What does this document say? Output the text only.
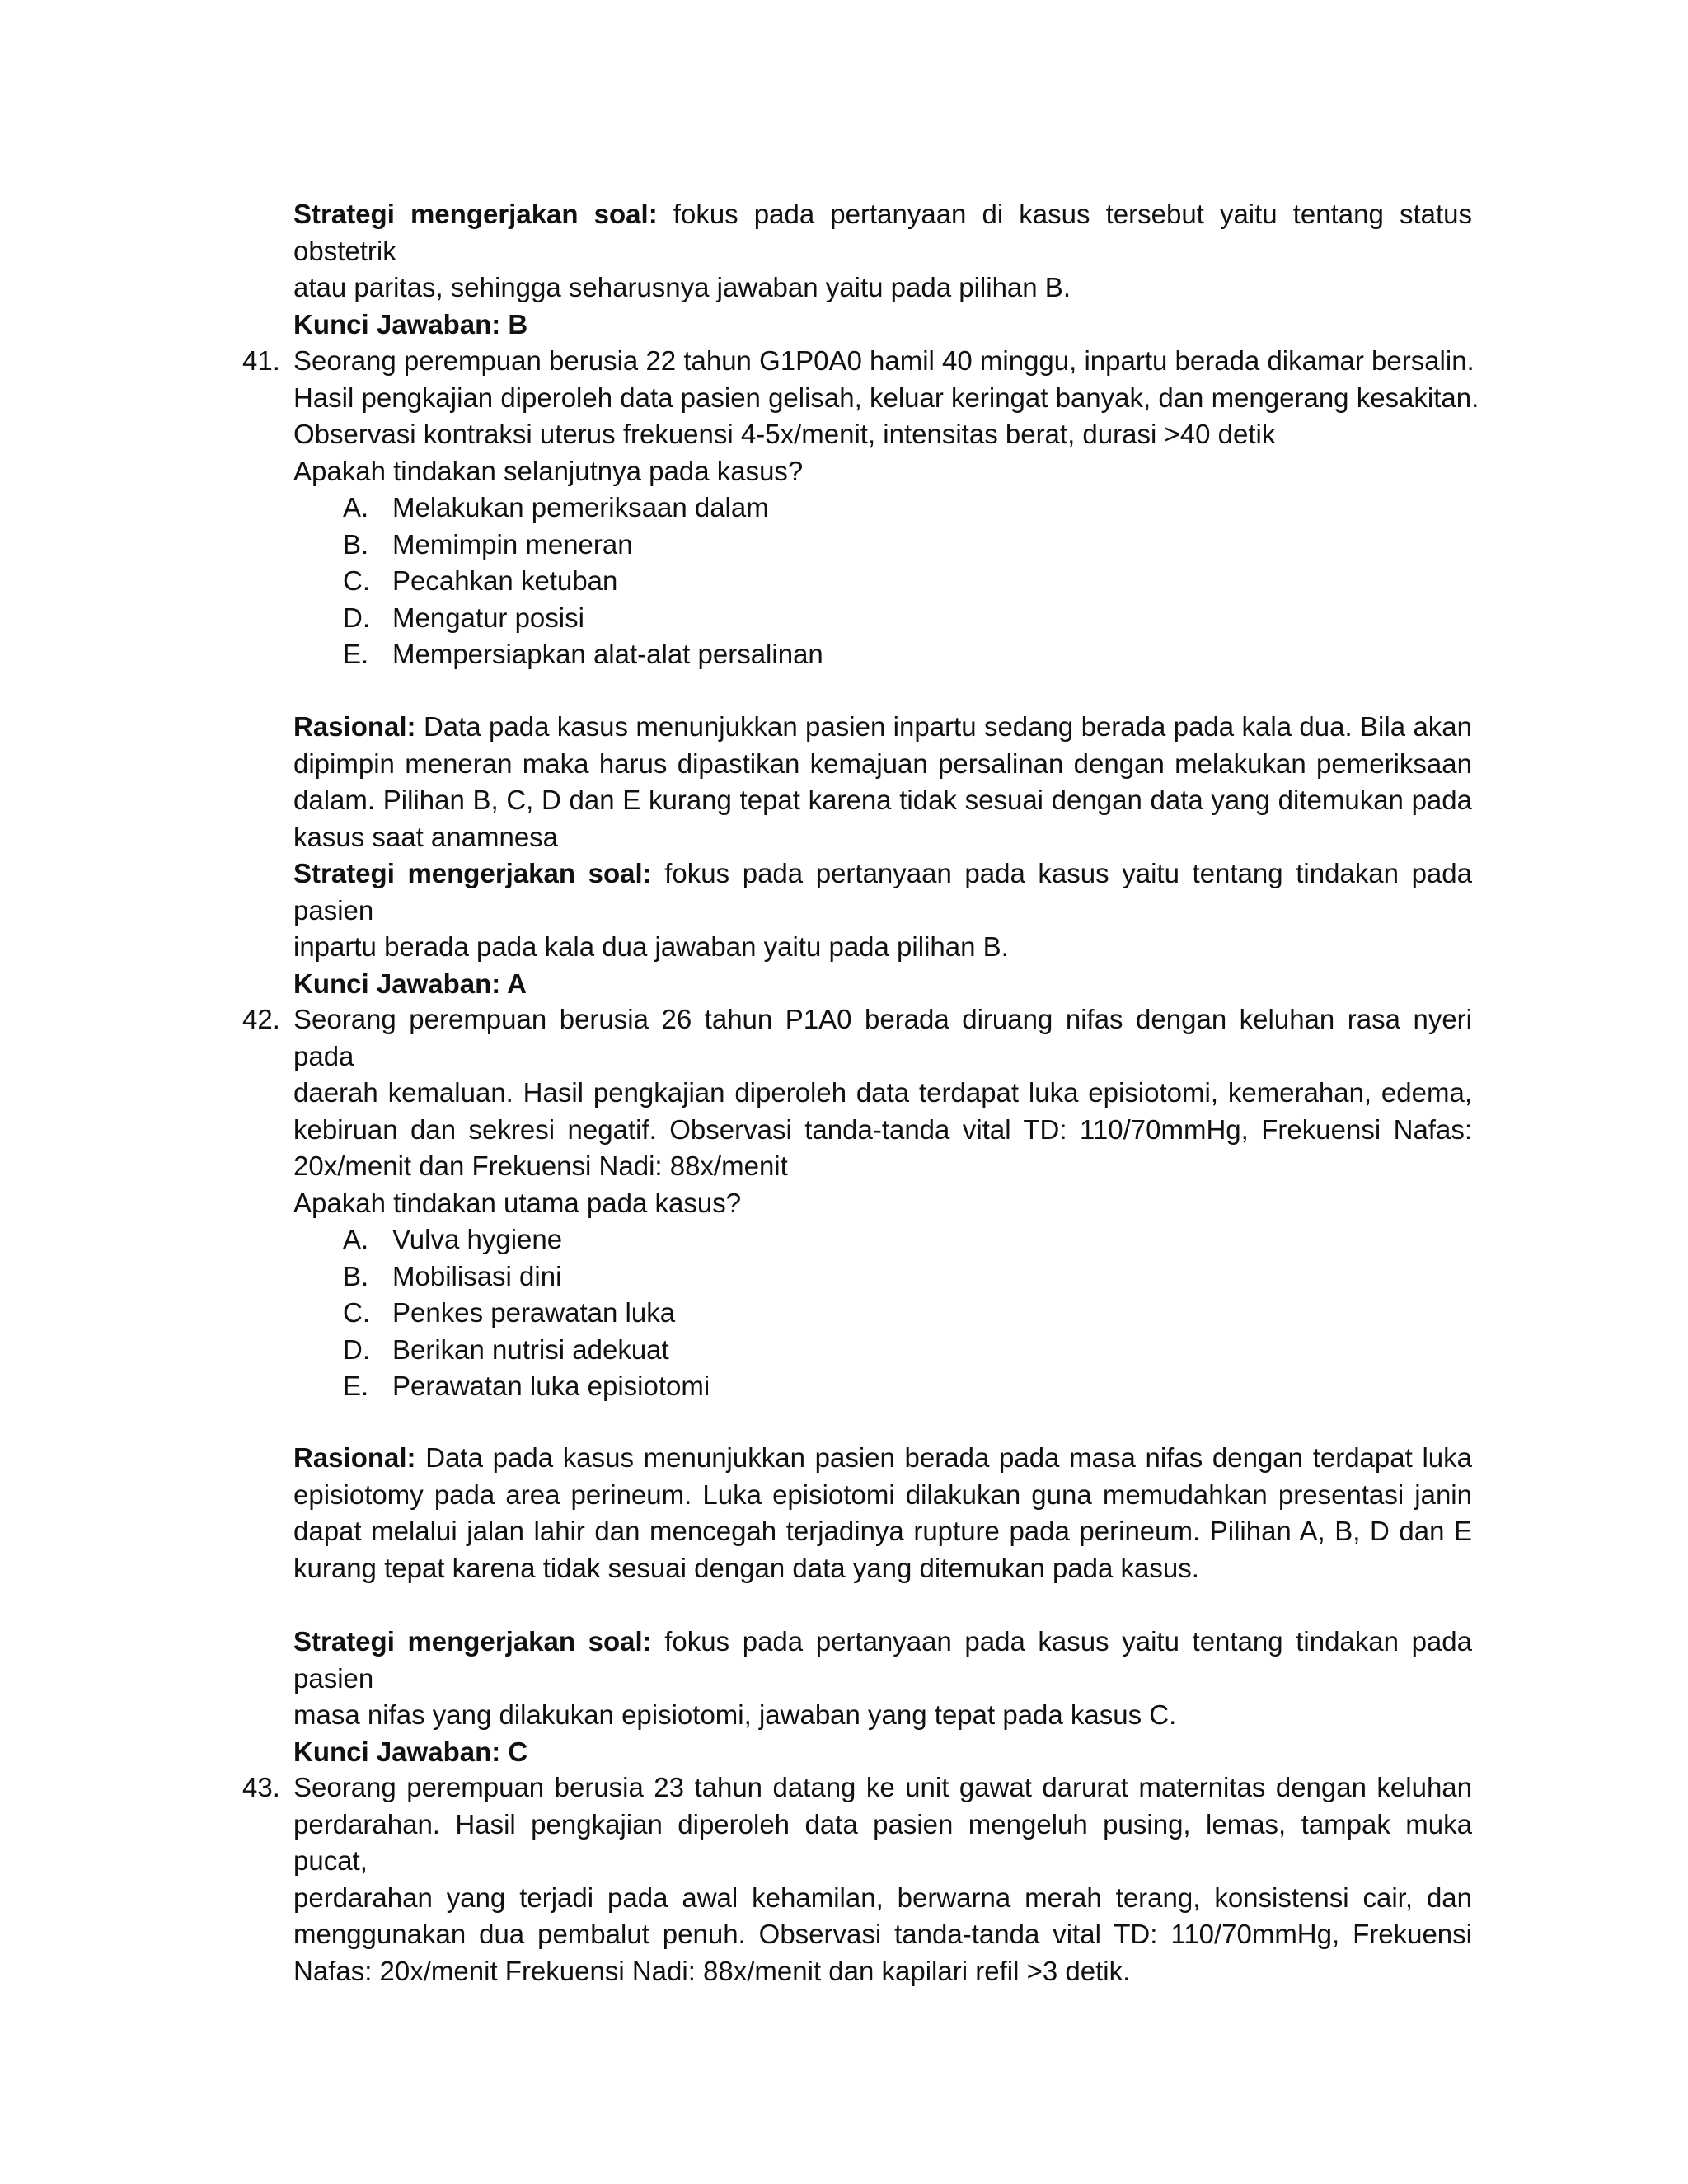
Strategi mengerjakan soal: fokus pada pertanyaan di kasus tersebut yaitu tentang status obstetrik
atau paritas, sehingga seharusnya jawaban yaitu pada pilihan B.
Kunci Jawaban: B
41. Seorang perempuan berusia 22 tahun G1P0A0 hamil 40 minggu, inpartu berada dikamar bersalin.
Hasil pengkajian diperoleh data pasien gelisah, keluar keringat banyak, dan mengerang kesakitan.
Observasi kontraksi uterus frekuensi 4-5x/menit, intensitas berat, durasi >40 detik
Apakah tindakan selanjutnya pada kasus?
A. Melakukan pemeriksaan dalam
B. Memimpin meneran
C. Pecahkan ketuban
D. Mengatur posisi
E. Mempersiapkan alat-alat persalinan
Rasional: Data pada kasus menunjukkan pasien inpartu sedang berada pada kala dua. Bila akan
dipimpin meneran maka harus dipastikan kemajuan persalinan dengan melakukan pemeriksaan
dalam. Pilihan B, C, D dan E kurang tepat karena tidak sesuai dengan data yang ditemukan pada
kasus saat anamnesa
Strategi mengerjakan soal: fokus pada pertanyaan pada kasus yaitu tentang tindakan pada pasien
inpartu berada pada kala dua jawaban yaitu pada pilihan B.
Kunci Jawaban: A
42. Seorang perempuan berusia 26 tahun P1A0 berada diruang nifas dengan keluhan rasa nyeri pada
daerah kemaluan. Hasil pengkajian diperoleh data terdapat luka episiotomi, kemerahan, edema,
kebiruan dan sekresi negatif. Observasi tanda-tanda vital TD: 110/70mmHg, Frekuensi Nafas:
20x/menit dan Frekuensi Nadi: 88x/menit
Apakah tindakan utama pada kasus?
A. Vulva hygiene
B. Mobilisasi dini
C. Penkes perawatan luka
D. Berikan nutrisi adekuat
E. Perawatan luka episiotomi
Rasional: Data pada kasus menunjukkan pasien berada pada masa nifas dengan terdapat luka
episiotomy pada area perineum. Luka episiotomi dilakukan guna memudahkan presentasi janin
dapat melalui jalan lahir dan mencegah terjadinya rupture pada perineum. Pilihan A, B, D dan E
kurang tepat karena tidak sesuai dengan data yang ditemukan pada kasus.
Strategi mengerjakan soal: fokus pada pertanyaan pada kasus yaitu tentang tindakan pada pasien
masa nifas yang dilakukan episiotomi, jawaban yang tepat pada kasus C.
Kunci Jawaban: C
43. Seorang perempuan berusia 23 tahun datang ke unit gawat darurat maternitas dengan keluhan
perdarahan. Hasil pengkajian diperoleh data pasien mengeluh pusing, lemas, tampak muka pucat,
perdarahan yang terjadi pada awal kehamilan, berwarna merah terang, konsistensi cair, dan
menggunakan dua pembalut penuh. Observasi tanda-tanda vital TD: 110/70mmHg, Frekuensi
Nafas: 20x/menit Frekuensi Nadi: 88x/menit dan kapilari refil >3 detik.
